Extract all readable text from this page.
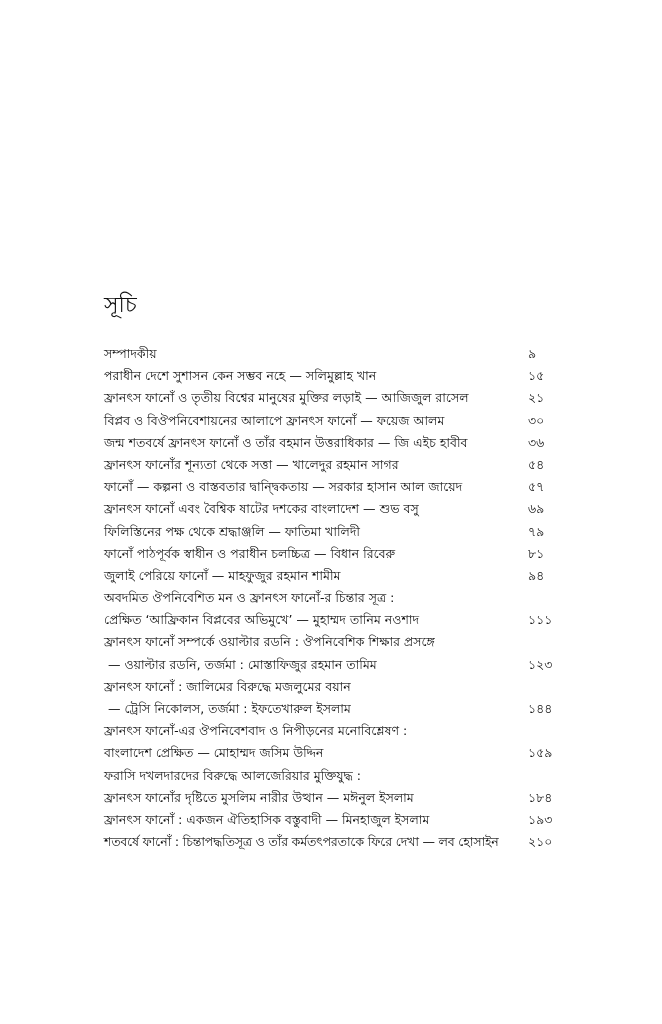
সূচি
সম্পাদকীয়	৯
পরাধীন দেশে সুশাসন কেন সম্ভব নহে — সলিমুল্লাহ খান	১৫
ফ্রানৎস ফানোঁ ও তৃতীয় বিশ্বের মানুষের মুক্তির লড়াই — আজিজুল রাসেল	২১
বিপ্লব ও বিঔপনিবেশায়নের আলাপে ফ্রানৎস ফানোঁ — ফয়েজ আলম	৩০
জন্ম শতবর্ষে ফ্রানৎস ফানোঁ ও তাঁর বহমান উত্তরাধিকার — জি এইচ হাবীব	৩৬
ফ্রানৎস ফানোঁর শূন্যতা থেকে সত্তা — খালেদুর রহমান সাগর	৫৪
ফানোঁ — কল্পনা ও বাস্তবতার দ্বান্দ্বিকতায় — সরকার হাসান আল জায়েদ	৫৭
ফ্রানৎস ফানোঁ এবং বৈশ্বিক ষাটের দশকের বাংলাদেশ — শুভ বসু	৬৯
ফিলিস্তিনের পক্ষ থেকে শ্রদ্ধাঞ্জলি — ফাতিমা খালিদী	৭৯
ফানোঁ পাঠপূর্বক স্বাধীন ও পরাধীন চলচ্চিত্র — বিধান রিবেরু	৮১
জুলাই পেরিয়ে ফানোঁ — মাহফুজুর রহমান শামীম	৯৪
অবদমিত ঔপনিবেশিত মন ও ফ্রানৎস ফানোঁ-র চিন্তার সূত্র :
প্রেক্ষিত ‘আফ্রিকান বিপ্লবের অভিমুখে’ — মুহাম্মদ তানিম নওশাদ	১১১
ফ্রানৎস ফানোঁ সম্পর্কে ওয়াল্টার রডনি : ঔপনিবেশিক শিক্ষার প্রসঙ্গে
— ওয়াল্টার রডনি, তর্জমা : মোস্তাফিজুর রহমান তামিম	১২৩
ফ্রানৎস ফানোঁ : জালিমের বিরুদ্ধে মজলুমের বয়ান
— ট্রেসি নিকোলস, তর্জমা : ইফতেখারুল ইসলাম	১৪৪
ফ্রানৎস ফানোঁ-এর ঔপনিবেশবাদ ও নিপীড়নের মনোবিশ্লেষণ :
বাংলাদেশ প্রেক্ষিত — মোহাম্মদ জসিম উদ্দিন	১৫৯
ফরাসি দখলদারদের বিরুদ্ধে আলজেরিয়ার মুক্তিযুদ্ধ :
ফ্রানৎস ফানোঁর দৃষ্টিতে মুসলিম নারীর উত্থান — মঈনুল ইসলাম	১৮৪
ফ্রানৎস ফানোঁ : একজন ঐতিহাসিক বস্তুবাদী — মিনহাজুল ইসলাম	১৯৩
শতবর্ষে ফানোঁ : চিন্তাপদ্ধতিসূত্র ও তাঁর কর্মতৎপরতাকে ফিরে দেখা — লব হোসাইন ২১০
